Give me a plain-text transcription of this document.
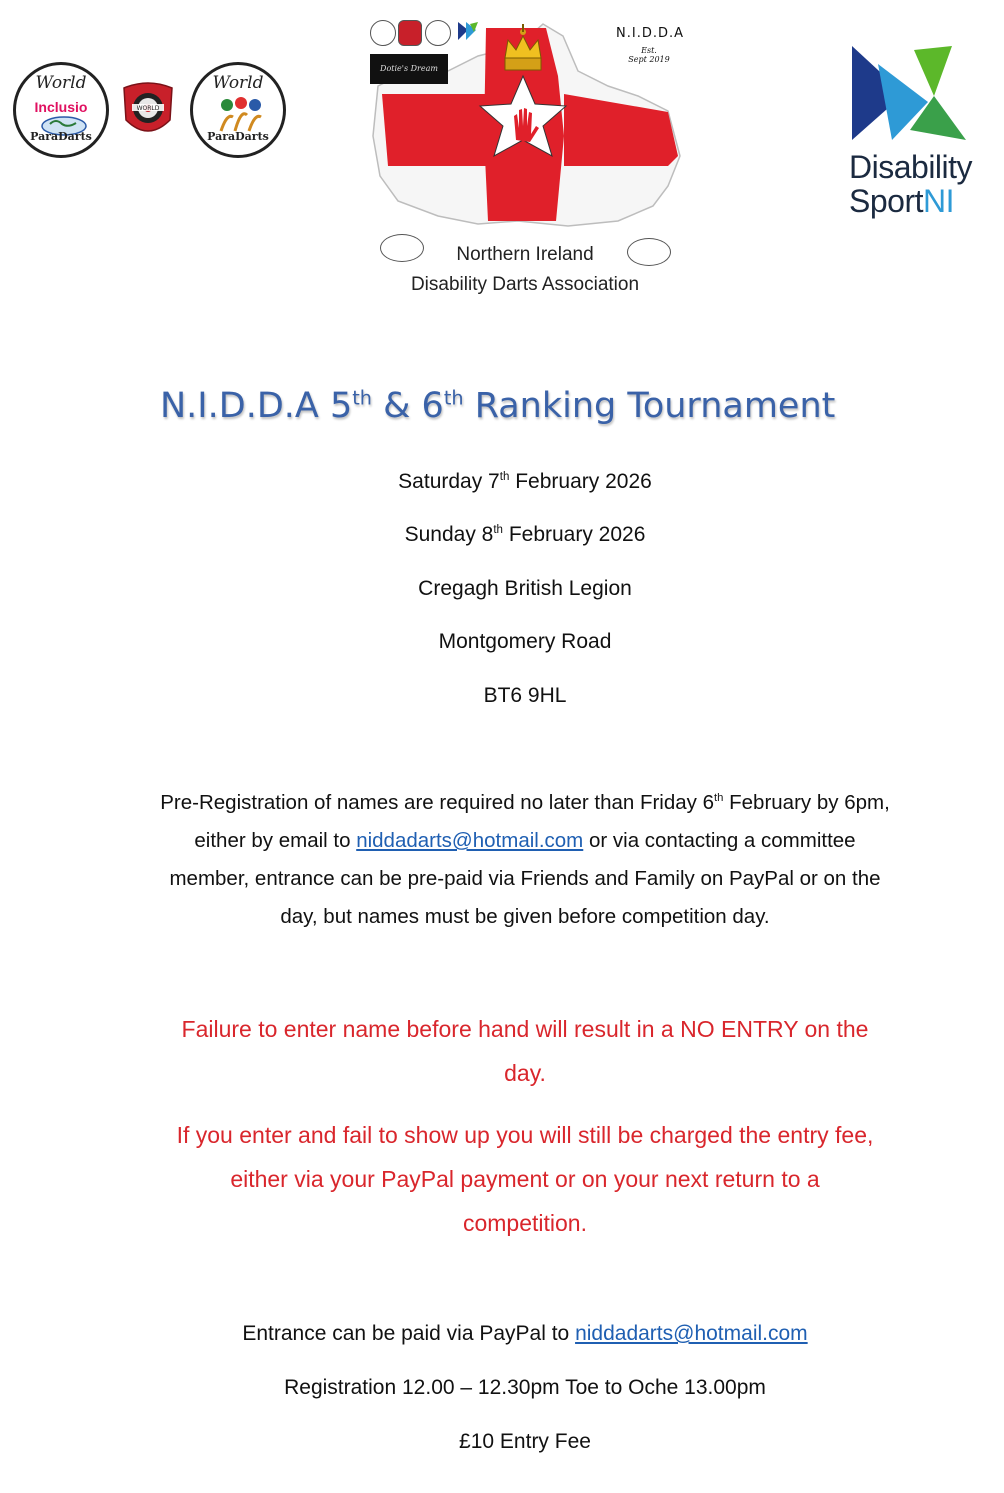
World
Inclusio
ParaDarts
WORLD
World
ParaDarts
Dotie's Dream
N.I.D.D.A
Est.
Sept 2019
Northern Ireland
Disability Darts Association
Disability
SportNI
N.I.D.D.A 5th & 6th Ranking Tournament
Saturday 7th February 2026
Sunday 8th February 2026
Cregagh British Legion
Montgomery Road
BT6 9HL
Pre-Registration of names are required no later than Friday 6th February by 6pm,
either by email to niddadarts@hotmail.com or via contacting a committee
member, entrance can be pre-paid via Friends and Family on PayPal or on the
day, but names must be given before competition day.
Failure to enter name before hand will result in a NO ENTRY on the
day.
If you enter and fail to show up you will still be charged the entry fee,
either via your PayPal payment or on your next return to a
competition.
Entrance can be paid via PayPal to niddadarts@hotmail.com
Registration 12.00 – 12.30pm Toe to Oche 13.00pm
£10 Entry Fee
